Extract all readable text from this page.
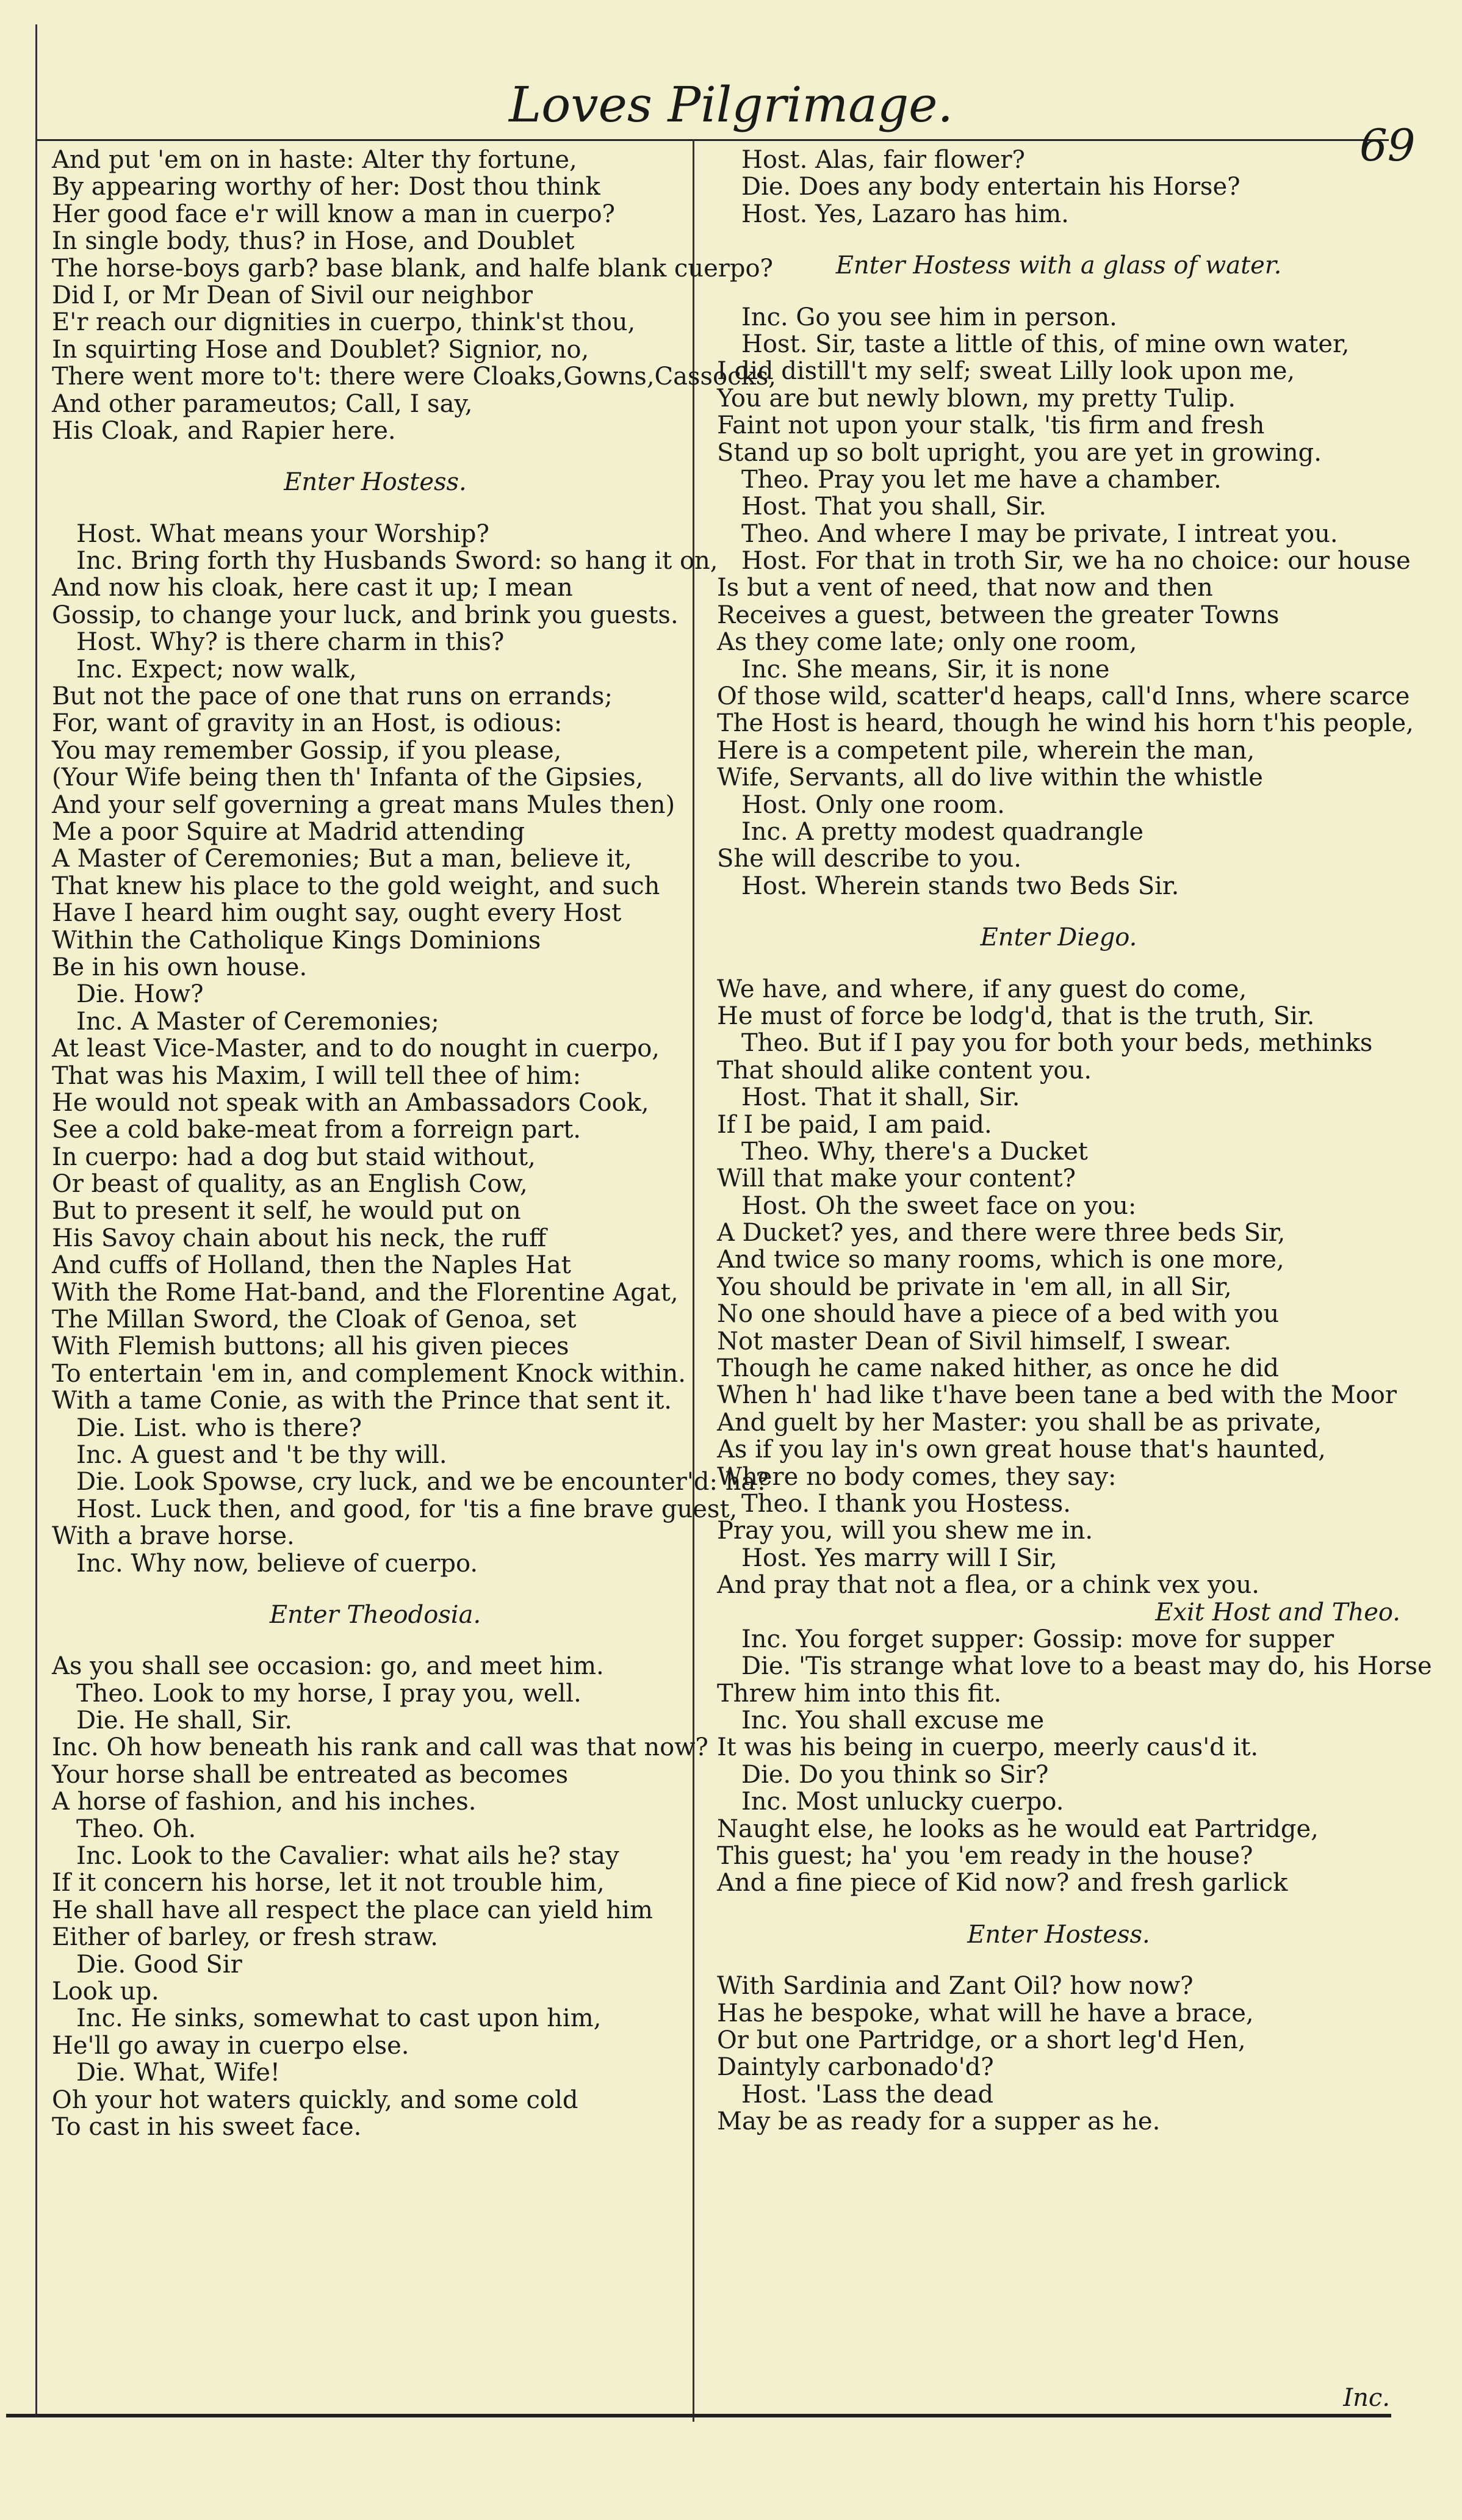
Loves Pilgrimage.
69
And put 'em on in haste: Alter thy fortune,
By appearing worthy of her: Dost thou think
Her good face e'r will know a man in cuerpo?
In single body, thus? in Hose, and Doublet
The horse-boys garb? base blank, and halfe blank cuerpo?
Did I, or Mr Dean of Sivil our neighbor
E'r reach our dignities in cuerpo, think'st thou,
In squirting Hose and Doublet? Signior, no,
There went more to't: there were Cloaks,Gowns,Cassocks,
And other parameutos; Call, I say,
His Cloak, and Rapier here.
Enter Hostess.
Host. What means your Worship?
Inc. Bring forth thy Husbands Sword: so hang it on,
And now his cloak, here cast it up; I mean
Gossip, to change your luck, and brink you guests.
Host. Why? is there charm in this?
Inc. Expect; now walk,
But not the pace of one that runs on errands;
For, want of gravity in an Host, is odious:
You may remember Gossip, if you please,
(Your Wife being then th' Infanta of the Gipsies,
And your self governing a great mans Mules then)
Me a poor Squire at Madrid attending
A Master of Ceremonies; But a man, believe it,
That knew his place to the gold weight, and such
Have I heard him ought say, ought every Host
Within the Catholique Kings Dominions
Be in his own house.
Die. How?
Inc. A Master of Ceremonies;
At least Vice-Master, and to do nought in cuerpo,
That was his Maxim, I will tell thee of him:
He would not speak with an Ambassadors Cook,
See a cold bake-meat from a forreign part.
In cuerpo: had a dog but staid without,
Or beast of quality, as an English Cow,
But to present it self, he would put on
His Savoy chain about his neck, the ruff
And cuffs of Holland, then the Naples Hat
With the Rome Hat-band, and the Florentine Agat,
The Millan Sword, the Cloak of Genoa, set
With Flemish buttons; all his given pieces
To entertain 'em in, and complement Knock within.
With a tame Conie, as with the Prince that sent it.
Die. List. who is there?
Inc. A guest and 't be thy will.
Die. Look Spowse, cry luck, and we be encounter'd: ha?
Host. Luck then, and good, for 'tis a fine brave guest,
With a brave horse.
Inc. Why now, believe of cuerpo.
Enter Theodosia.
As you shall see occasion: go, and meet him.
Theo. Look to my horse, I pray you, well.
Die. He shall, Sir.
Inc. Oh how beneath his rank and call was that now?
Your horse shall be entreated as becomes
A horse of fashion, and his inches.
Theo. Oh.
Inc. Look to the Cavalier: what ails he? stay
If it concern his horse, let it not trouble him,
He shall have all respect the place can yield him
Either of barley, or fresh straw.
Die. Good Sir
Look up.
Inc. He sinks, somewhat to cast upon him,
He'll go away in cuerpo else.
Die. What, Wife!
Oh your hot waters quickly, and some cold
To cast in his sweet face.
Host. Alas, fair flower?
Die. Does any body entertain his Horse?
Host. Yes, Lazaro has him.
Enter Hostess with a glass of water.
Inc. Go you see him in person.
Host. Sir, taste a little of this, of mine own water,
I did distill't my self; sweat Lilly look upon me,
You are but newly blown, my pretty Tulip.
Faint not upon your stalk, 'tis firm and fresh
Stand up so bolt upright, you are yet in growing.
Theo. Pray you let me have a chamber.
Host. That you shall, Sir.
Theo. And where I may be private, I intreat you.
Host. For that in troth Sir, we ha no choice: our house
Is but a vent of need, that now and then
Receives a guest, between the greater Towns
As they come late; only one room,
Inc. She means, Sir, it is none
Of those wild, scatter'd heaps, call'd Inns, where scarce
The Host is heard, though he wind his horn t'his people,
Here is a competent pile, wherein the man,
Wife, Servants, all do live within the whistle
Host. Only one room.
Inc. A pretty modest quadrangle
She will describe to you.
Host. Wherein stands two Beds Sir.
Enter Diego.
We have, and where, if any guest do come,
He must of force be lodg'd, that is the truth, Sir.
Theo. But if I pay you for both your beds, methinks
That should alike content you.
Host. That it shall, Sir.
If I be paid, I am paid.
Theo. Why, there's a Ducket
Will that make your content?
Host. Oh the sweet face on you:
A Ducket? yes, and there were three beds Sir,
And twice so many rooms, which is one more,
You should be private in 'em all, in all Sir,
No one should have a piece of a bed with you
Not master Dean of Sivil himself, I swear.
Though he came naked hither, as once he did
When h' had like t'have been tane a bed with the Moor
And guelt by her Master: you shall be as private,
As if you lay in's own great house that's haunted,
Where no body comes, they say:
Theo. I thank you Hostess.
Pray you, will you shew me in.
Host. Yes marry will I Sir,
And pray that not a flea, or a chink vex you.
Exit Host and Theo.
Inc. You forget supper: Gossip: move for supper
Die. 'Tis strange what love to a beast may do, his Horse
Threw him into this fit.
Inc. You shall excuse me
It was his being in cuerpo, meerly caus'd it.
Die. Do you think so Sir?
Inc. Most unlucky cuerpo.
Naught else, he looks as he would eat Partridge,
This guest; ha' you 'em ready in the house?
And a fine piece of Kid now? and fresh garlick
Enter Hostess.
With Sardinia and Zant Oil? how now?
Has he bespoke, what will he have a brace,
Or but one Partridge, or a short leg'd Hen,
Daintyly carbonado'd?
Host. 'Lass the dead
May be as ready for a supper as he.
Inc.
